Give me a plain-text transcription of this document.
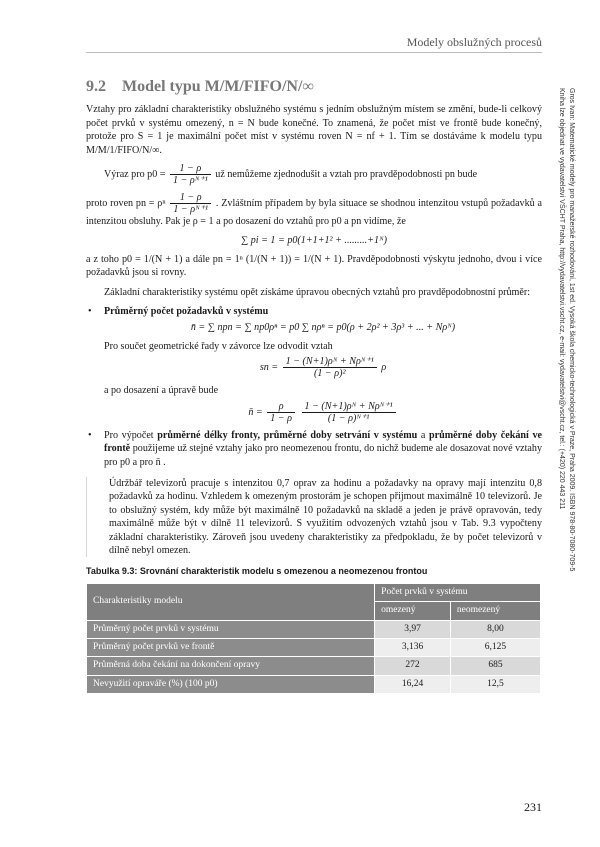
Modely obslužných procesů
Gros Ivan: Matematické modely pro manažerské rozhodování, 1st ed. Vysoká škola chemicko-technologická v Praze, Praha 2009. ISBN 978-80-7080-709-5
Kniha lze objednat ve vydavatelství VŠCHT Praha, http://vydavatelstvi.vscht.cz, e-mail: vydavatelstvi@vscht.cz, tel.: (+420) 220 443 211
9.2 Model typu M/M/FIFO/N/∞

Vztahy pro základní charakteristiky obslužného systému s jedním obslužným místem se změní, bude-li celkový počet prvků v systému omezený, n = N bude konečné. To znamená, že počet míst ve frontě bude konečný, protože pro S = 1 je maximální počet míst v systému roven N = nf + 1. Tím se dostáváme k modelu typu M/M/1/FIFO/N/∞.

Výraz pro $p0 = \frac{1 - \rho}{\text{1 − ρᴺ⁺¹}}$ už nemůžeme zjednodušit a vztah pro pravděpodobnosti pn bude

proto roven pn = ρⁿ $\frac{1 - \rho}{\text{1 − ρᴺ⁺¹}}$ . Zvláštním případem by byla situace se shodnou intenzitou vstupů požadavků a intenzitou obsluhy. Pak je ρ = 1 a po dosazení do vztahů pro p0 a pn vidíme, že

∑ pi = 1 = p0(1+1+1² + .........+1ᴺ)

a z toho p0 = 1/(N + 1) a dále pn = 1ⁿ (1/(N + 1)) = 1/(N + 1). Pravděpodobnosti výskytu jednoho, dvou i více požadavků jsou si rovny.

Základní charakteristiky systému opět získáme úpravou obecných vztahů pro pravděpodobnostní průměr:

• Průměrný počet požadavků v systému
n̄ = ∑ npn = ∑ np0ρⁿ = p0 ∑ nρⁿ = p0(ρ + 2ρ² + 3ρ³ + ... + Nρᴺ)
Pro součet geometrické řady v závorce lze odvodit vztah
sn = $\frac{\text{1 − (N+1)ρᴺ + Nρᴺ⁺¹}}{\text{(1 − ρ)²}}$ ρ
a po dosazení a úpravě bude
n̄ = $\frac{\rho}{1 - \rho}$
$\frac{\text{1 − (N+1)ρᴺ + Nρᴺ⁺¹}}{\text{(1 − ρ)ᴺ⁺¹}}$
• Pro výpočet průměrné délky fronty, průměrné doby setrvání v systému a průměrné doby čekání ve frontě použijeme už stejné vztahy jako pro neomezenou frontu, do nichž budeme ale dosazovat nové vztahy pro p0 a pro n̄ .

Údržbář televizorů pracuje s intenzitou 0,7 oprav za hodinu a požadavky na opravy mají intenzitu 0,8 požadavků za hodinu. Vzhledem k omezeným prostorám je schopen přijmout maximálně 10 televizorů. Je to obslužný systém, kdy může být maximálně 10 požadavků na skladě a jeden je právě opravován, tedy maximálně může být v dílně 11 televizorů. S využitím odvozených vztahů jsou v Tab. 9.3 vypočteny základní charakteristiky. Zároveň jsou uvedeny charakteristiky za předpokladu, že by počet televizorů v dílně nebyl omezen.

Tabulka 9.3: Srovnání charakteristik modelu s omezenou a neomezenou frontou
Charakteristiky modelu	Počet prvků v systému	
	omezený	neomezený
Průměrný počet prvků v systému	3,97	8,00
Průměrný počet prvků ve frontě	3,136	6,125
Průměrná doba čekání na dokončení opravy	272	685
Nevyužití opraváře (%) (100 p0)	16,24	12,5
231
